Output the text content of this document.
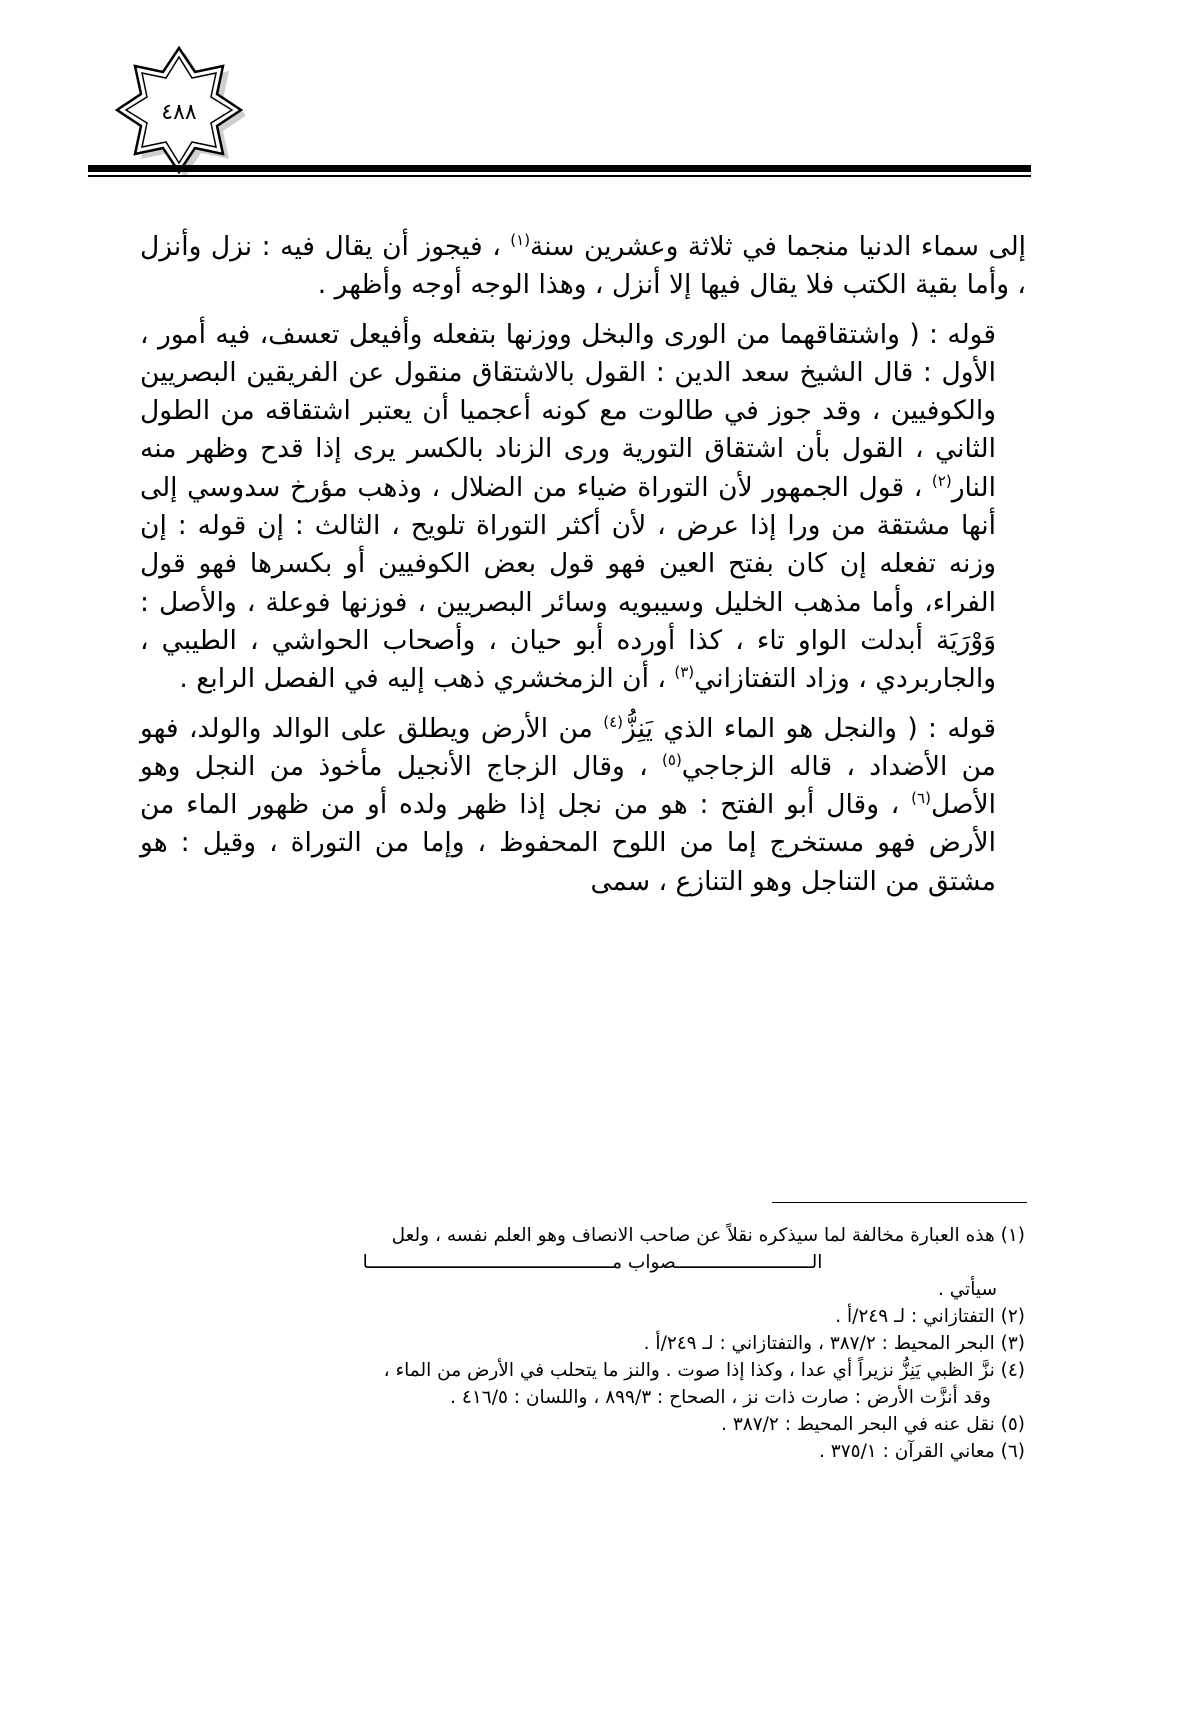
٤٨٨

إلى سماء الدنيا منجما في ثلاثة وعشرين سنة$^{(١)}$ ، فيجوز أن يقال فيه : نزل وأنزل ، وأما بقية الكتب فلا يقال فيها إلا أنزل ، وهذا الوجه أوجه وأظهر .

قوله : ( واشتقاقهما من الورى والبخل ووزنها بتفعله وأفيعل تعسف، فيه أمور ، الأول : قال الشيخ سعد الدين : القول بالاشتقاق منقول عن الفريقين البصريين والكوفيين ، وقد جوز في طالوت مع كونه أعجميا أن يعتبر اشتقاقه من الطول الثاني ، القول بأن اشتقاق التورية ورى الزناد بالكسر يرى إذا قدح وظهر منه النار$^{(٢)}$ ، قول الجمهور لأن التوراة ضياء من الضلال ، وذهب مؤرخ سدوسي إلى أنها مشتقة من ورا إذا عرض ، لأن أكثر التوراة تلويح ، الثالث : إن قوله : إن وزنه تفعله إن كان بفتح العين فهو قول بعض الكوفيين أو بكسرها فهو قول الفراء، وأما مذهب الخليل وسيبويه وسائر البصريين ، فوزنها فوعلة ، والأصل : وَوْرَيَة أبدلت الواو تاء ، كذا أورده أبو حيان ، وأصحاب الحواشي ، الطيبي ، والجاربردي ، وزاد التفتازاني$^{(٣)}$ ، أن الزمخشري ذهب إليه في الفصل الرابع .

قوله : ( والنجل هو الماء الذي يَنِزُّ$^{(٤)}$ من الأرض ويطلق على الوالد والولد، فهو من الأضداد ، قاله الزجاجي$^{(٥)}$ ، وقال الزجاج الأنجيل مأخوذ من النجل وهو الأصل$^{(٦)}$ ، وقال أبو الفتح : هو من نجل إذا ظهر ولده أو من ظهور الماء من الأرض فهو مستخرج إما من اللوح المحفوظ ، وإما من التوراة ، وقيل : هو مشتق من التناجل وهو التنازع ، سمى

(١) هذه العبارة مخالفة لما سيذكره نقلاً عن صاحب الانصاف وهو العلم نفسه ، ولعل
الـــــــــــــــــــــــــصواب مـــــــــــــــــــــــــــــــــــــــــــــا
سيأتي .
(٢) التفتازاني : لـ ٢٤٩/أ .
(٣) البحر المحيط : ٣٨٧/٢ ، والتفتازاني : لـ ٢٤٩/أ .
(٤) نزَّ الظبي يَنِزُّ نزيراً أي عدا ، وكذا إذا صوت . والنز ما يتحلب في الأرض من الماء ،
وقد أنزَّت الأرض : صارت ذات نز ، الصحاح : ٨٩٩/٣ ، واللسان : ٤١٦/٥ .
(٥) نقل عنه في البحر المحيط : ٣٨٧/٢ .
(٦) معاني القرآن : ٣٧٥/١ .
